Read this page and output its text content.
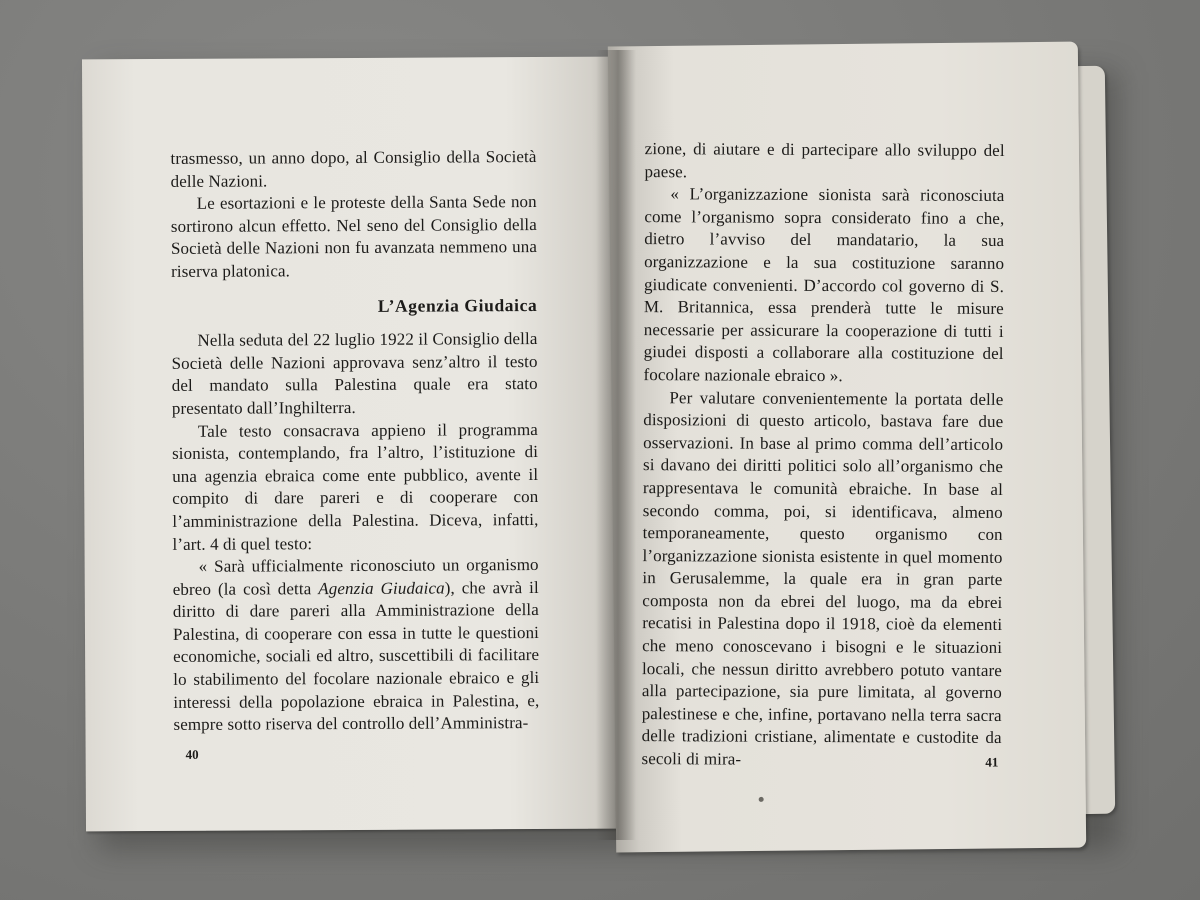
trasmesso, un anno dopo, al Consiglio della Società delle Nazioni.

Le esortazioni e le proteste della Santa Sede non sortirono alcun effetto. Nel seno del Consiglio della Società delle Nazioni non fu avanzata nemmeno una riserva platonica.

L’Agenzia Giudaica

Nella seduta del 22 luglio 1922 il Consiglio della Società delle Nazioni approvava senz’altro il testo del mandato sulla Palestina quale era stato presentato dall’Inghilterra.

Tale testo consacrava appieno il programma sionista, contemplando, fra l’altro, l’istituzione di una agenzia ebraica come ente pubblico, avente il compito di dare pareri e di cooperare con l’amministrazione della Palestina. Diceva, infatti, l’art. 4 di quel testo:

« Sarà ufficialmente riconosciuto un organismo ebreo (la così detta Agenzia Giudaica), che avrà il diritto di dare pareri alla Amministrazione della Palestina, di cooperare con essa in tutte le questioni economiche, sociali ed altro, suscettibili di facilitare lo stabilimento del focolare nazionale ebraico e gli interessi della popolazione ebraica in Palestina, e, sempre sotto riserva del controllo dell’Amministra-

40

zione, di aiutare e di partecipare allo sviluppo del paese.

« L’organizzazione sionista sarà riconosciuta come l’organismo sopra considerato fino a che, dietro l’avviso del mandatario, la sua organizzazione e la sua costituzione saranno giudicate convenienti. D’accordo col governo di S. M. Britannica, essa prenderà tutte le misure necessarie per assicurare la cooperazione di tutti i giudei disposti a collaborare alla costituzione del focolare nazionale ebraico ».

Per valutare convenientemente la portata delle disposizioni di questo articolo, bastava fare due osservazioni. In base al primo comma dell’articolo si davano dei diritti politici solo all’organismo che rappresentava le comunità ebraiche. In base al secondo comma, poi, si identificava, almeno temporaneamente, questo organismo con l’organizzazione sionista esistente in quel momento in Gerusalemme, la quale era in gran parte composta non da ebrei del luogo, ma da ebrei recatisi in Palestina dopo il 1918, cioè da elementi che meno conoscevano i bisogni e le situazioni locali, che nessun diritto avrebbero potuto vantare alla partecipazione, sia pure limitata, al governo palestinese e che, infine, portavano nella terra sacra delle tradizioni cristiane, alimentate e custodite da secoli di mira-	41
